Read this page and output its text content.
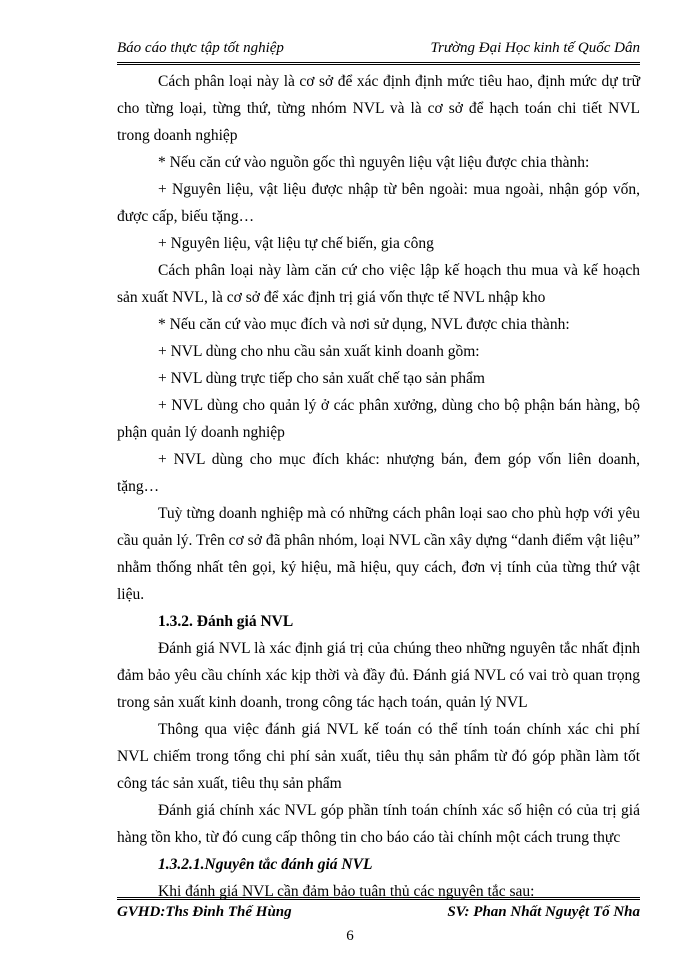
Báo cáo thực tập tốt nghiệp	Trường Đại Học kinh tế Quốc Dân

Cách phân loại này là cơ sở để xác định định mức tiêu hao, định mức dự trữ cho từng loại, từng thứ, từng nhóm NVL và là cơ sở để hạch toán chi tiết NVL trong doanh nghiệp

* Nếu căn cứ vào nguồn gốc thì nguyên liệu vật liệu được chia thành:

+ Nguyên liệu, vật liệu được nhập từ bên ngoài: mua ngoài, nhận góp vốn, được cấp, biếu tặng…

+ Nguyên liệu, vật liệu tự chế biến, gia công

Cách phân loại này làm căn cứ cho việc lập kế hoạch thu mua và kế hoạch sản xuất NVL, là cơ sở để xác định trị giá vốn thực tế NVL nhập kho

* Nếu căn cứ vào mục đích và nơi sử dụng, NVL được chia thành:

+ NVL dùng cho nhu cầu sản xuất kinh doanh gồm:

+ NVL dùng trực tiếp cho sản xuất chế tạo sản phẩm

+ NVL dùng cho quản lý ở các phân xưởng, dùng cho bộ phận bán hàng, bộ phận quản lý doanh nghiệp

+ NVL dùng cho mục đích khác: nhượng bán, đem góp vốn liên doanh, tặng…

Tuỳ từng doanh nghiệp mà có những cách phân loại sao cho phù hợp với yêu cầu quản lý. Trên cơ sở đã phân nhóm, loại NVL cần xây dựng “danh điểm vật liệu” nhằm thống nhất tên gọi, ký hiệu, mã hiệu, quy cách, đơn vị tính của từng thứ vật liệu.

1.3.2. Đánh giá NVL

Đánh giá NVL là xác định giá trị của chúng theo những nguyên tắc nhất định đảm bảo yêu cầu chính xác kịp thời và đầy đủ. Đánh giá NVL có vai trò quan trọng trong sản xuất kinh doanh, trong công tác hạch toán, quản lý NVL

Thông qua việc đánh giá NVL kế toán có thể tính toán chính xác chi phí NVL chiếm trong tổng chi phí sản xuất, tiêu thụ sản phẩm từ đó góp phần làm tốt công tác sản xuất, tiêu thụ sản phẩm

Đánh giá chính xác NVL góp phần tính toán chính xác số hiện có của trị giá hàng tồn kho, từ đó cung cấp thông tin cho báo cáo tài chính một cách trung thực

1.3.2.1.Nguyên tắc đánh giá NVL

Khi đánh giá NVL cần đảm bảo tuân thủ các nguyên tắc sau:

GVHD:Ths Đinh Thế Hùng	SV: Phan Nhất Nguyệt Tố Nha
6
